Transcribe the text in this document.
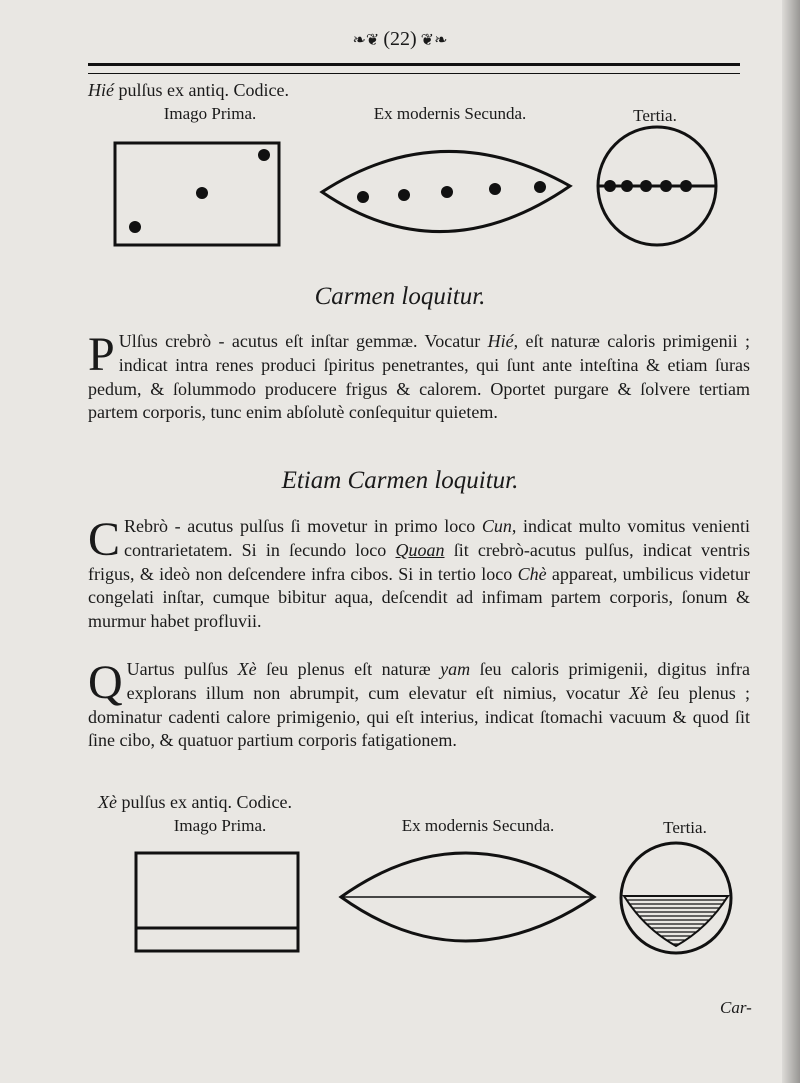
❧❦ (22) ❦❧
Hié pulſus ex antiq. Codice.
Imago Prima.	Ex modernis Secunda.	Tertia.
Carmen loquitur.

P Ulſus crebrò - acutus eſt inſtar gemmæ. Vocatur Hié, eſt naturæ caloris primigenii ; indicat intra renes produci ſpiritus penetrantes, qui ſunt ante inteſtina & etiam ſuras pedum, & ſolummodo producere frigus & calorem. Oportet purgare & ſolvere tertiam partem corporis, tunc enim abſolutè conſequitur quietem.

Etiam Carmen loquitur.

C Rebrò - acutus pulſus ſi movetur in primo loco Cun, indicat multo vomitus venienti contrarietatem. Si in ſecundo loco Quoan ſit crebrò-acutus pulſus, indicat ventris frigus, & ideò non deſcendere infra cibos. Si in tertio loco Chè appareat, umbilicus videtur congelati inſtar, cumque bibitur aqua, deſcendit ad infimam partem corporis, ſonum & murmur habet profluvii.

Q Uartus pulſus Xè ſeu plenus eſt naturæ yam ſeu caloris primigenii, digitus infra explorans illum non abrumpit, cum elevatur eſt nimius, vocatur Xè ſeu plenus ; dominatur cadenti calore primigenio, qui eſt interius, indicat ſtomachi vacuum & quod ſit ſine cibo, & quatuor partium corporis fatigationem.

Xè pulſus ex antiq. Codice.
Imago Prima.	Ex modernis Secunda.	Tertia.
Car-
